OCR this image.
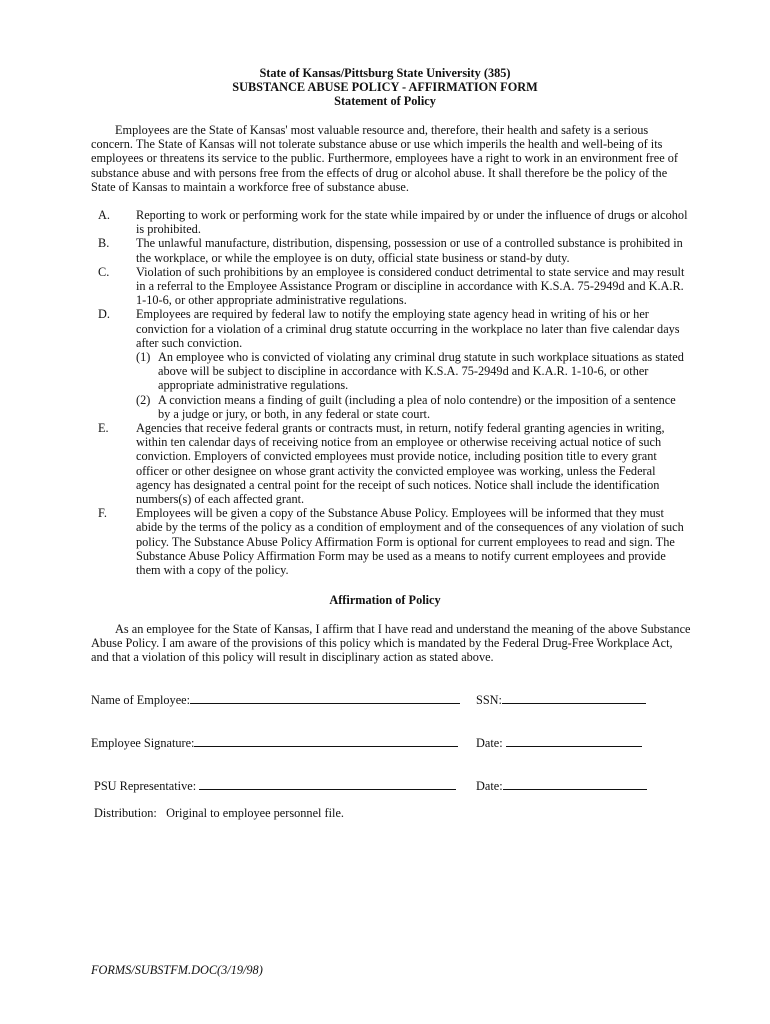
State of Kansas/Pittsburg State University (385)
SUBSTANCE ABUSE POLICY - AFFIRMATION FORM
Statement of Policy
Employees are the State of Kansas' most valuable resource and, therefore, their health and safety is a serious concern. The State of Kansas will not tolerate substance abuse or use which imperils the health and well-being of its employees or threatens its service to the public. Furthermore, employees have a right to work in an environment free of substance abuse and with persons free from the effects of drug or alcohol abuse. It shall therefore be the policy of the State of Kansas to maintain a workforce free of substance abuse.
A.	Reporting to work or performing work for the state while impaired by or under the influence of drugs or alcohol is prohibited.
B.	The unlawful manufacture, distribution, dispensing, possession or use of a controlled substance is prohibited in the workplace, or while the employee is on duty, official state business or stand-by duty.
C.	Violation of such prohibitions by an employee is considered conduct detrimental to state service and may result in a referral to the Employee Assistance Program or discipline in accordance with K.S.A. 75-2949d and K.A.R. 1-10-6, or other appropriate administrative regulations.
D.	Employees are required by federal law to notify the employing state agency head in writing of his or her conviction for a violation of a criminal drug statute occurring in the workplace no later than five calendar days after such conviction.
(1) An employee who is convicted of violating any criminal drug statute in such workplace situations as stated above will be subject to discipline in accordance with K.S.A. 75-2949d and K.A.R. 1-10-6, or other appropriate administrative regulations.
(2) A conviction means a finding of guilt (including a plea of nolo contendre) or the imposition of a sentence by a judge or jury, or both, in any federal or state court.
E.	Agencies that receive federal grants or contracts must, in return, notify federal granting agencies in writing, within ten calendar days of receiving notice from an employee or otherwise receiving actual notice of such conviction. Employers of convicted employees must provide notice, including position title to every grant officer or other designee on whose grant activity the convicted employee was working, unless the Federal agency has designated a central point for the receipt of such notices. Notice shall include the identification numbers(s) of each affected grant.
F.	Employees will be given a copy of the Substance Abuse Policy. Employees will be informed that they must abide by the terms of the policy as a condition of employment and of the consequences of any violation of such policy. The Substance Abuse Policy Affirmation Form is optional for current employees to read and sign. The Substance Abuse Policy Affirmation Form may be used as a means to notify current employees and provide them with a copy of the policy.
Affirmation of Policy
As an employee for the State of Kansas, I affirm that I have read and understand the meaning of the above Substance Abuse Policy. I am aware of the provisions of this policy which is mandated by the Federal Drug-Free Workplace Act, and that a violation of this policy will result in disciplinary action as stated above.
Name of Employee:	SSN:
Employee Signature:	Date:
PSU Representative:	Date:
Distribution:   Original to employee personnel file.
FORMS/SUBSTFM.DOC(3/19/98)
